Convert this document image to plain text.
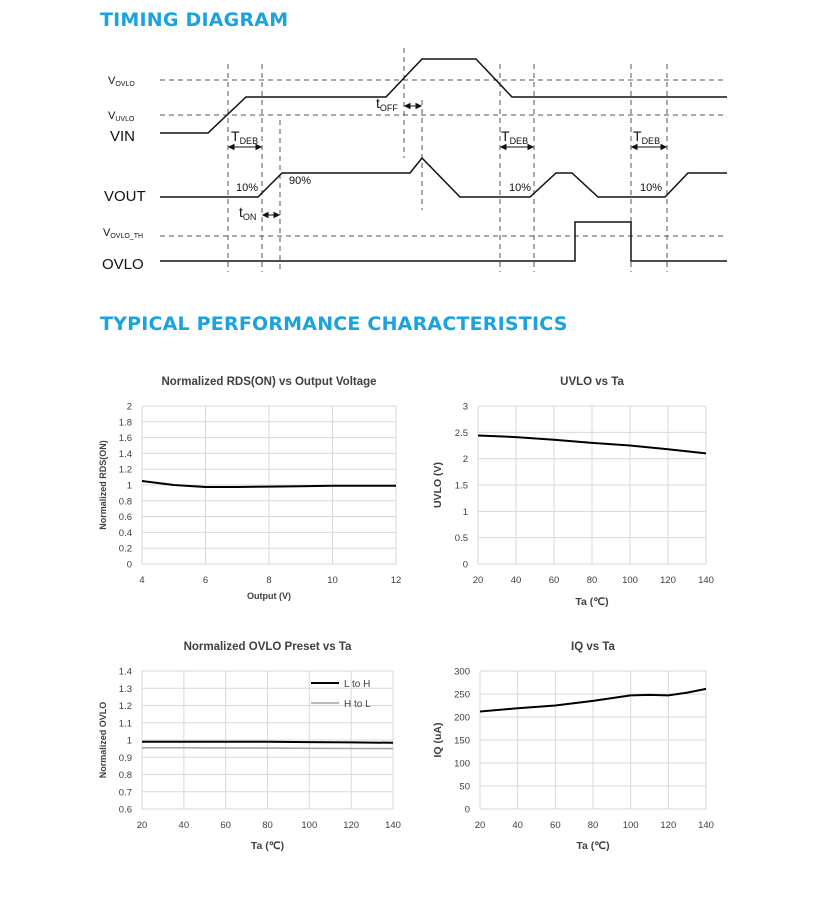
TIMING DIAGRAM
VOVLO
VUVLO
VIN
VOUT
VOVLO_TH
OVLO
$T_{DEB}$	$T_{DEB}$	$T_{DEB}$
$t_{OFF}$
$t_{ON}$
10%
90%
10%	10%
TYPICAL PERFORMANCE CHARACTERISTICS
Normalized RDS(ON) vs Output Voltage
4	6	8	10	12
0
0.2
0.4
0.6
0.8
1
1.2
1.4
1.6
1.8
2
Output (V)
Normalized RDS(ON)
UVLO vs Ta
20	40	60	80	100 120 140
0
0.5
1
1.5
2
2.5
3
Ta (℃)
UVLO (V)
Normalized OVLO Preset vs Ta
20	40	60	80	100	120	140
0.6
0.7
0.8
0.9
1
1.1
1.2
1.3
1.4
Ta (℃)
Normalized OVLO
L to H
H to L
IQ vs Ta
20	40	60	80	100 120 140
0
50
100
150
200
250
300
Ta (℃)
IQ (uA)
